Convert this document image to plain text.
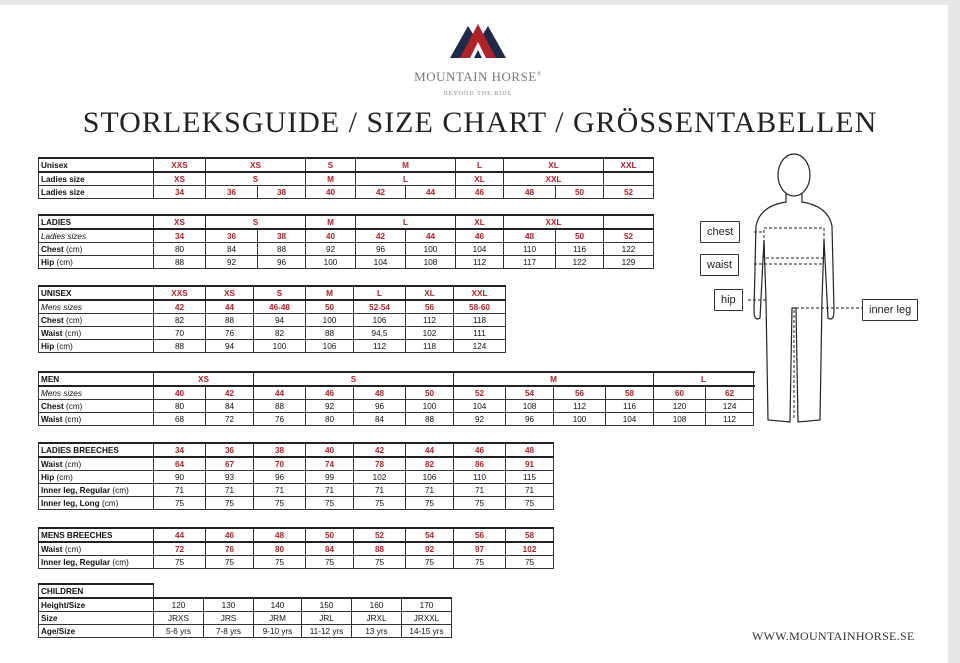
MOUNTAIN HORSE®
BEYOND THE RIDE
STORLEKSGUIDE / SIZE CHART / GRÖSSENTABELLEN
Unisex	XXS	XS		S	M		L	XL		XXL
Ladies size	XS	S		M	L		XL	XXL		
Ladies size	34	36	38	40	42	44	46	48	50	52
LADIES	XS	S		M	L		XL	XXL		
Ladies sizes	34	36	38	40	42	44	46	48	50	52
Chest (cm)	80	84	88	92	96	100	104	110	116	122
Hip (cm)	88	92	96	100	104	108	112	117	122	129
UNISEX	XXS	XS	S	M	L	XL	XXL
Mens sizes	42	44	46-48	50	52-54	56	58-60
Chest (cm)	82	88	94	100	106	112	118
Waist (cm)	70	76	82	88	94,5	102	111
Hip (cm)	88	94	100	106	112	118	124
MEN	XS		S				M				L		
Mens sizes	40	42	44	46	48	50	52	54	56	58	60	62	
Chest (cm)	80	84	88	92	96	100	104	108	112	116	120	124	
Waist (cm)	68	72	76	80	84	88	92	96	100	104	108	112	
LADIES BREECHES	34	36	38	40	42	44	46	48
Waist (cm)	64	67	70	74	78	82	86	91
Hip (cm)	90	93	96	99	102	106	110	115
Inner leg, Regular (cm)	71	71	71	71	71	71	71	71
Inner leg, Long (cm)	75	75	75	75	75	75	75	75
MENS BREECHES	44	46	48	50	52	54	56	58
Waist (cm)	72	76	80	84	88	92	97	102
Inner leg, Regular (cm)	75	75	75	75	75	75	75	75
CHILDREN						
Height/Size	120	130	140	150	160	170
Size	JRXS	JRS	JRM	JRL	JRXL	JRXXL
Age/Size	5-6 yrs	7-8 yrs	9-10 yrs	11-12 yrs	13 yrs	14-15 yrs
chest
waist
hip
inner leg
WWW.MOUNTAINHORSE.SE
